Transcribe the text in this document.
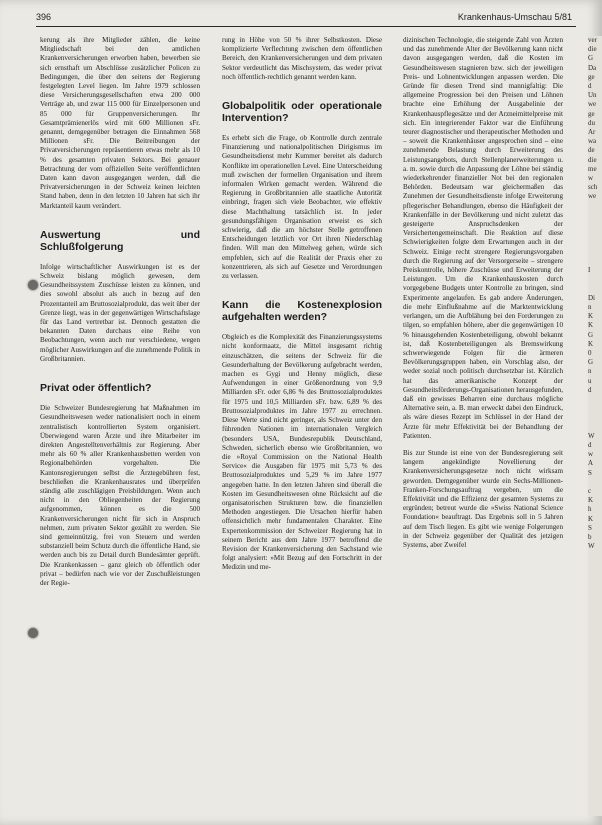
396	Krankenhaus-Umschau 5/81

kerung als ihre Mitglieder zählen, die keine Mitgliedschaft bei den amtlichen Krankenversicherungen erworben haben, bewerben sie sich ernsthaft um Abschlüsse zusätzlicher Policen zu Bedingungen, die über den seitens der Regierung festgelegten Level liegen. Im Jahre 1979 schlossen diese Versicherungsgesellschaften etwa 200 000 Verträge ab, und zwar 115 000 für Einzelpersonen und 85 000 für Gruppenversicherungen. Ihr Gesamtprämienerlös wird mit 600 Millionen sFr. genannt, demgegenüber betragen die Einnahmen 568 Millionen sFr. Die Beitreibungen der Privatversicherungen repräsentieren etwas mehr als 10 % des gesamten privaten Sektors. Bei genauer Betrachtung der vom offiziellen Seite veröffentlichten Daten kann davon ausgegangen werden, daß die Privatversicherungen in der Schweiz keinen leichten Stand haben, denn in den letzten 10 Jahren hat sich ihr Marktanteil kaum verändert.

Auswertung und Schlußfolgerung

Infolge wirtschaftlicher Auswirkungen ist es der Schweiz bislang möglich gewesen, dem Gesundheitssystem Zuschüsse leisten zu können, und dies sowohl absolut als auch in bezug auf den Prozentanteil am Bruttosozialprodukt, das weit über der Grenze liegt, was in der gegenwärtigen Wirtschaftslage für das Land vertretbar ist. Dennoch gestatten die bekannten Daten durchaus eine Reihe von Beobachtungen, wenn auch nur verschiedene, wegen möglicher Auswirkungen auf die zunehmende Politik in Großbritannien.

Privat oder öffentlich?

Die Schweizer Bundesregierung hat Maßnahmen im Gesundheitswesen weder nationalisiert noch in einem zentralistisch kontrollierten System organisiert. Überwiegend waren Ärzte und ihre Mitarbeiter im direkten Angestelltenverhältnis zur Regierung. Aber mehr als 60 % aller Krankenhausbetten werden von Regionalbehörden vorgehalten. Die Kantonsregierungen selbst die Ärztegebühren fest, beschließen die Krankenhausrates und überprüfen ständig alle zuschlägigen Preisbildungen. Wenn auch nicht in den Obliegenheiten der Regierung aufgenommen, können es die 500 Krankenversicherungen nicht für sich in Anspruch nehmen, zum privaten Sektor gezählt zu werden. Sie sind gemeinnützig, frei von Steuern und werden substanziell beim Schutz durch die öffentliche Hand, sie werden auch bis zu Detail durch Bundesämter geprüft. Die Krankenkassen – ganz gleich ob öffentlich oder privat – bedürfen nach wie vor der Zuschußleistungen der Regie-

rung in Höhe von 50 % ihrer Selbstkosten. Diese komplizierte Verflechtung zwischen dem öffentlichen Bereich, den Krankenversicherungen und dem privaten Sektor verdeutlicht das Mischsystem, das weder privat noch öffentlich-rechtlich genannt werden kann.

Globalpolitik oder operationale Intervention?

Es erhebt sich die Frage, ob Kontrolle durch zentrale Finanzierung und nationalpolitischen Dirigismus im Gesundheitsdienst mehr Kummer bereitet als dadurch Konflikte im operationellen Level. Eine Unterscheidung muß zwischen der formellen Organisation und ihrem informalen Wirken gemacht werden. Während die Regierung in Großbritannien alle staatliche Autorität einbringt, fragen sich viele Beobachter, wie effektiv diese Machthaltung tatsächlich ist. In jeder gesundungsfähigen Organisation erweist es sich schwierig, daß die am höchster Stelle getroffenen Entscheidungen letztlich vor Ort ihren Niederschlag finden. Will man den Mittelweg gehen, würde sich empfehlen, sich auf die Realität der Praxis eher zu konzentrieren, als sich auf Gesetze und Verordnungen zu verlassen.

Kann die Kostenexplosion aufgehalten werden?

Obgleich es die Komplexität des Finanzierungssystems nicht konformaatz, die Mittel insgesamt richtig einzuschätzen, die seitens der Schweiz für die Gesunderhaltung der Bevölkerung aufgebracht werden, machen es Gygi und Henny möglich, diese Aufwendungen in einer Größenordnung von 9,9 Milliarden sFr. oder 6,86 % des Bruttosozialproduktes für 1975 und 10,5 Milliarden sFr. bzw. 6,89 % des Bruttosozialproduktes im Jahre 1977 zu errechnen. Diese Werte sind nicht geringer, als Schweiz unter den führenden Nationen im internationalen Vergleich (besonders USA, Bundesrepublik Deutschland, Schweden, sicherlich ebenso wie Großbritannien, wo die »Royal Commission on the National Health Service« die Ausgaben für 1975 mit 5,73 % des Bruttosozialproduktes und 5,29 % im Jahre 1977 angegeben hatte. In den letzten Jahren sind überall die Kosten im Gesundheitswesen ohne Rücksicht auf die organisatorischen Strukturen bzw. die finanziellen Methoden angestiegen. Die Ursachen hierfür haben offensichtlich mehr fundamentalen Charakter. Eine Expertenkommission der Schweizer Regierung hat in seinem Bericht aus dem Jahre 1977 betroffend die Revision der Krankenversicherung den Sachstand wie folgt analysiert: »Mit Bezug auf den Fortschritt in der Medizin und me-

dizinischen Technologie, die steigende Zahl von Ärzten und das zunehmende Alter der Bevölkerung kann nicht davon ausgegangen werden, daß die Kosten im Gesundheitswesen stagnieren bzw. sich der jeweiligen Preis- und Lohnentwicklungen anpassen werden. Die Gründe für diesen Trend sind mannigfaltig: Die allgemeine Progression bei den Preisen und Löhnen brachte eine Erhöhung der Ausgabelinie der Krankenhauspflegesätze und der Arzneimittelpreise mit sich. Ein integrierender Faktor war die Einführung teurer diagnostischer und therapeutischer Methoden und – soweit die Krankenhäuser angesprochen sind – eine zunehmende Belastung durch Erweiterung des Leistungsangebots, durch Stellenplanerweiterungen u. a. m. sowie durch die Anpassung der Löhne bei ständig wiederkehrender finanzieller Not bei den regionalen Behörden. Bedeutsam war gleichermaßen das Zunehmen der Gesundheitsdienste infolge Erweiterung pflegerischer Behandlungen, ebenso die Häufigkeit der Krankenfälle in der Bevölkerung und nicht zuletzt das gesteigerte Anspruchsdenken der Versichertengemeinschaft. Die Reaktion auf diese Schwierigkeiten folgte dem Erwartungen auch in der Schweiz. Einige recht strengere Regierungsvorgaben durch die Regierung auf der Versorgerseite – strengere Preiskontrolle, höhere Zuschüsse und Erweiterung der Leistungen. Um die Krankenhauskosten durch vorgegebene Budgets unter Kontrolle zu bringen, sind Experimente angelaufen. Es gab andere Änderungen, die mehr Einflußnahme auf die Marktentwicklung verlangen, um die Aufblähung bei den Forderungen zu tilgen, so empfahlen höhere, aber die gegenwärtigen 10 % hinausgehenden Kostenbeteiligung, obwohl bekannt ist, daß Kostenbeteiligungen als Bremswirkung schwerwiegende Folgen für die ärmeren Bevölkerungsgruppen haben, ein Vorschlag also, der weder sozial noch politisch durchsetzbar ist. Kürzlich hat das amerikanische Konzept der Gesundheitsförderungs-Organisationen herausgefunden, daß ein gewisses Beharren eine durchaus mögliche Alternative sein, a. B. man erweckt dabei den Eindruck, als wäre dieses Rezept im Schlüssel in der Hand der Ärzte für mehr Effektivität bei der Behandlung der Patienten.

Bis zur Stunde ist eine von der Bundesregierung seit langem angekündigte Novellierung der Krankenversicherungsgesetze noch nicht wirksam geworden. Demgegenüber wurde ein Sechs-Millionen-Franken-Forschungsauftrag vergeben, um die Effektivität und die Effizienz der gesamten Systems zu ergründen; betreut wurde die »Swiss National Science Foundation« beauftragt. Das Ergebnis soll in 5 Jahren auf dem Tisch liegen. Es gibt wie wenige Folgerungen in der Schweiz gegenüber der Qualität des jetzigen Systems, aber Zweifel

ver
die
G
Da
ge
d
Un
we
ge
du
Ar
wa
de
die
me
w
sch
we

I

Di
n
K
K
G
K
0
G
n
u
d

W
d
w
A
S

c
K
h
K
S
b
W
